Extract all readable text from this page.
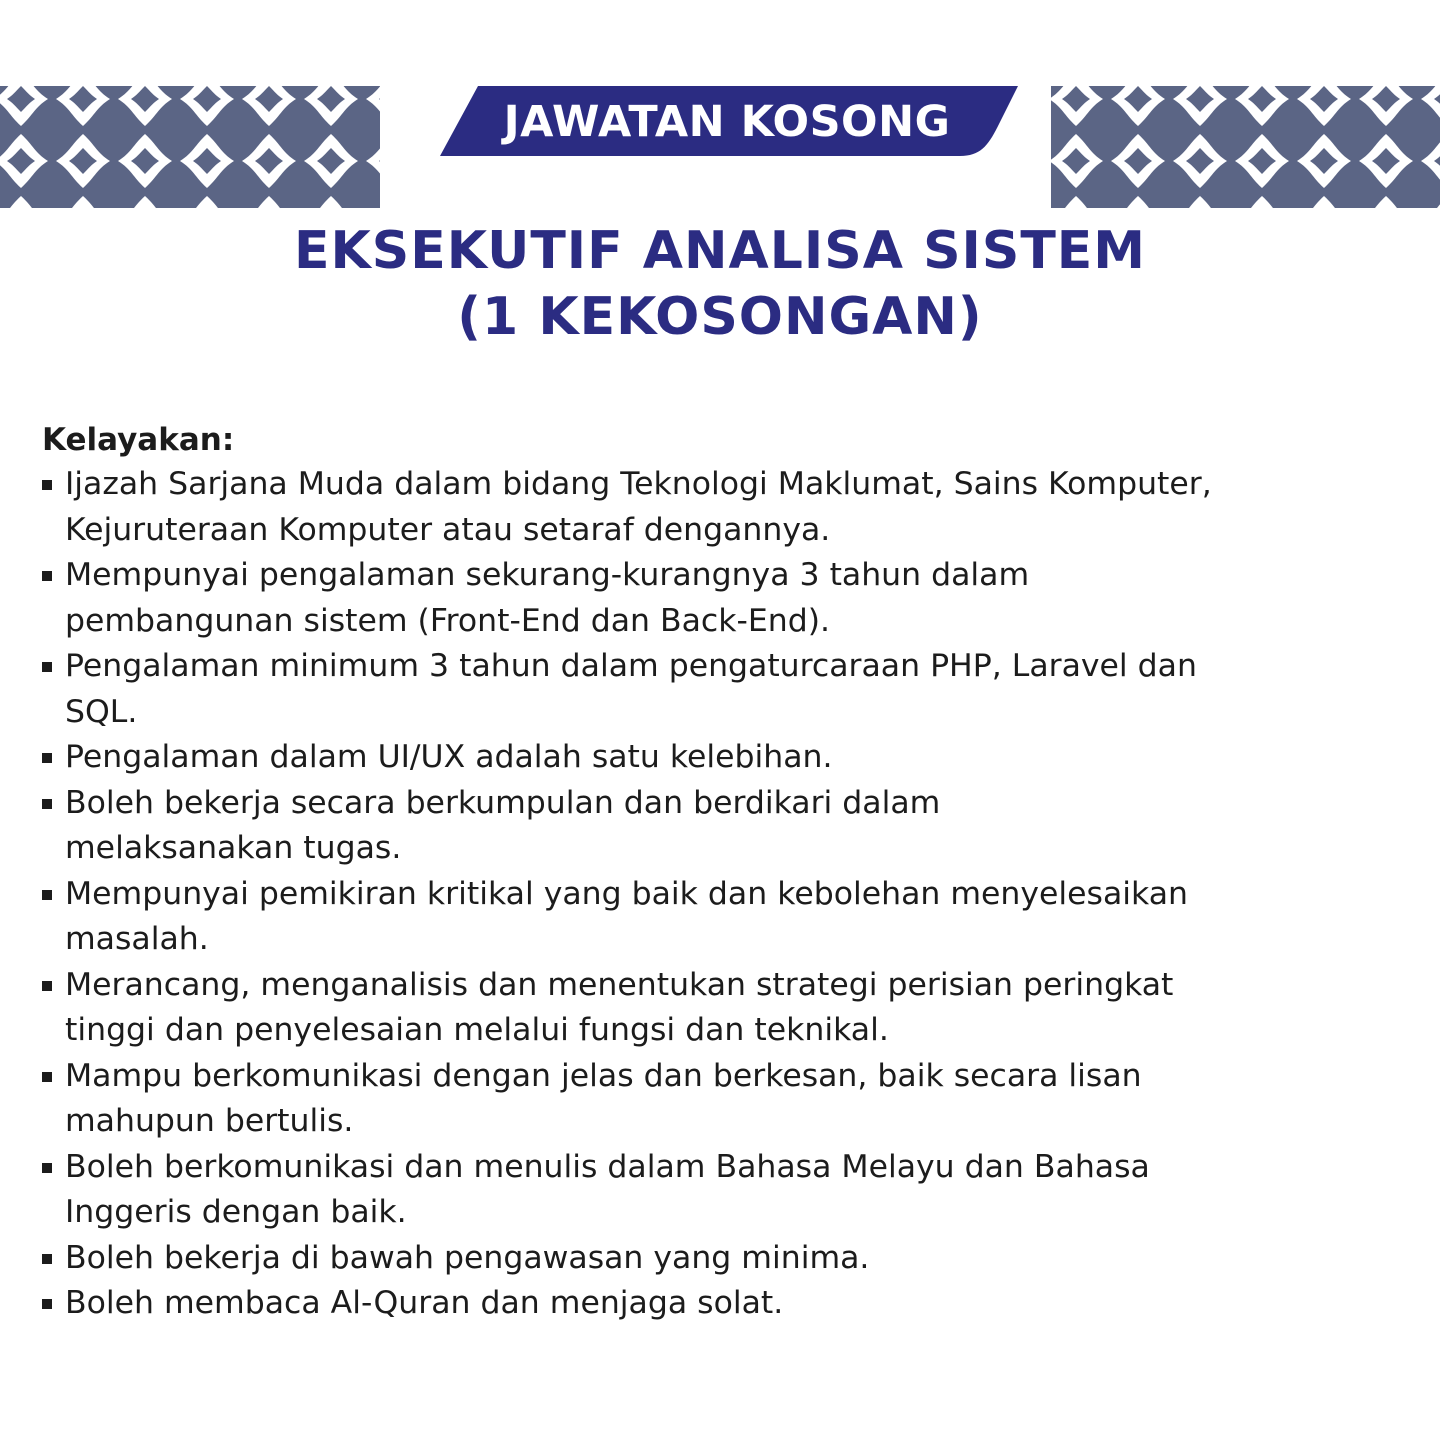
JAWATAN KOSONG
EKSEKUTIF ANALISA SISTEM
(1 KEKOSONGAN)
Kelayakan:
Ijazah Sarjana Muda dalam bidang Teknologi Maklumat, Sains Komputer,
Kejuruteraan Komputer atau setaraf dengannya.
Mempunyai pengalaman sekurang-kurangnya 3 tahun dalam
pembangunan sistem (Front-End dan Back-End).
Pengalaman minimum 3 tahun dalam pengaturcaraan PHP, Laravel dan
SQL.
Pengalaman dalam UI/UX adalah satu kelebihan.
Boleh bekerja secara berkumpulan dan berdikari dalam
melaksanakan tugas.
Mempunyai pemikiran kritikal yang baik dan kebolehan menyelesaikan
masalah.
Merancang, menganalisis dan menentukan strategi perisian peringkat
tinggi dan penyelesaian melalui fungsi dan teknikal.
Mampu berkomunikasi dengan jelas dan berkesan, baik secara lisan
mahupun bertulis.
Boleh berkomunikasi dan menulis dalam Bahasa Melayu dan Bahasa
Inggeris dengan baik.
Boleh bekerja di bawah pengawasan yang minima.
Boleh membaca Al-Quran dan menjaga solat.
